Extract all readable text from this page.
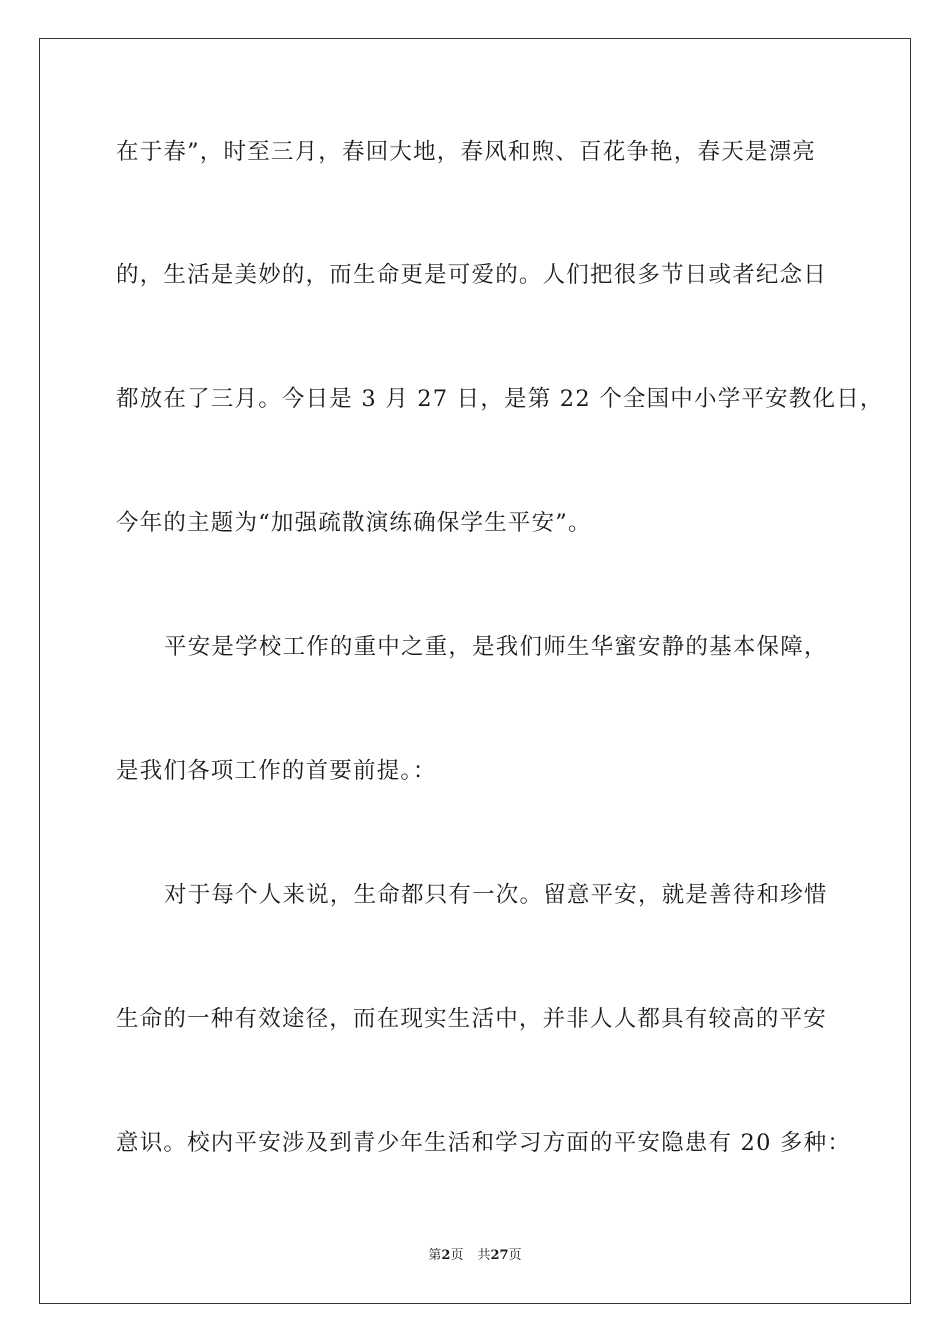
在于春”，时至三月，春回大地，春风和煦、百花争艳，春天是漂亮
的，生活是美妙的，而生命更是可爱的。人们把很多节日或者纪念日
都放在了三月。今日是 3 月 27 日，是第 22 个全国中小学平安教化日，
今年的主题为“加强疏散演练确保学生平安”。
平安是学校工作的重中之重，是我们师生华蜜安静的基本保障，
是我们各项工作的首要前提。：
对于每个人来说，生命都只有一次。留意平安，就是善待和珍惜
生命的一种有效途径，而在现实生活中，并非人人都具有较高的平安
意识。校内平安涉及到青少年生活和学习方面的平安隐患有 20 多种：
第2页 共27页
